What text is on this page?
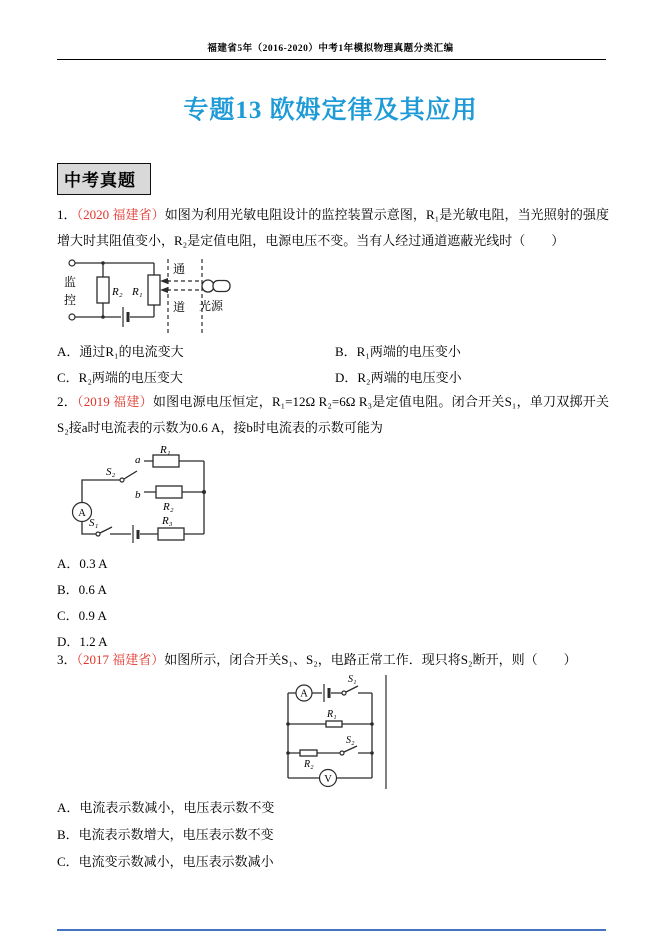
福建省5年（2016-2020）中考1年模拟物理真题分类汇编
专题13 欧姆定律及其应用
中考真题

1．（2020 福建省）如图为利用光敏电阻设计的监控装置示意图，R₁是光敏电阻，当光照射的强度增大时其阻值变小，R₂是定值电阻，电源电压不变。当有人经过通道遮蔽光线时（　　）

监
控
R₂ R₁
通
道 光源
A．通过R₁的电流变大	B．R₁两端的电压变小
C．R₂两端的电压变大	D．R₂两端的电压变小

2．（2019 福建）如图电源电压恒定，R₁=12Ω R₂=6Ω R₃是定值电阻。闭合开关S₁，单刀双掷开关S₂接a时电流表的示数为0.6 A，接b时电流表的示数可能为

A
S₂
a
b
R₁
R₂
S₁	R₃
A．0.3 A
B．0.6 A
C．0.9 A
D．1.2 A

3．（2017 福建省）如图所示，闭合开关S₁、S₂，电路正常工作．现只将S₂断开，则（　　）

A
S₁
R₁
R₂
S₂
V
A．电流表示数减小，电压表示数不变
B．电流表示数增大，电压表示数不变
C．电流变示数减小，电压表示数减小
